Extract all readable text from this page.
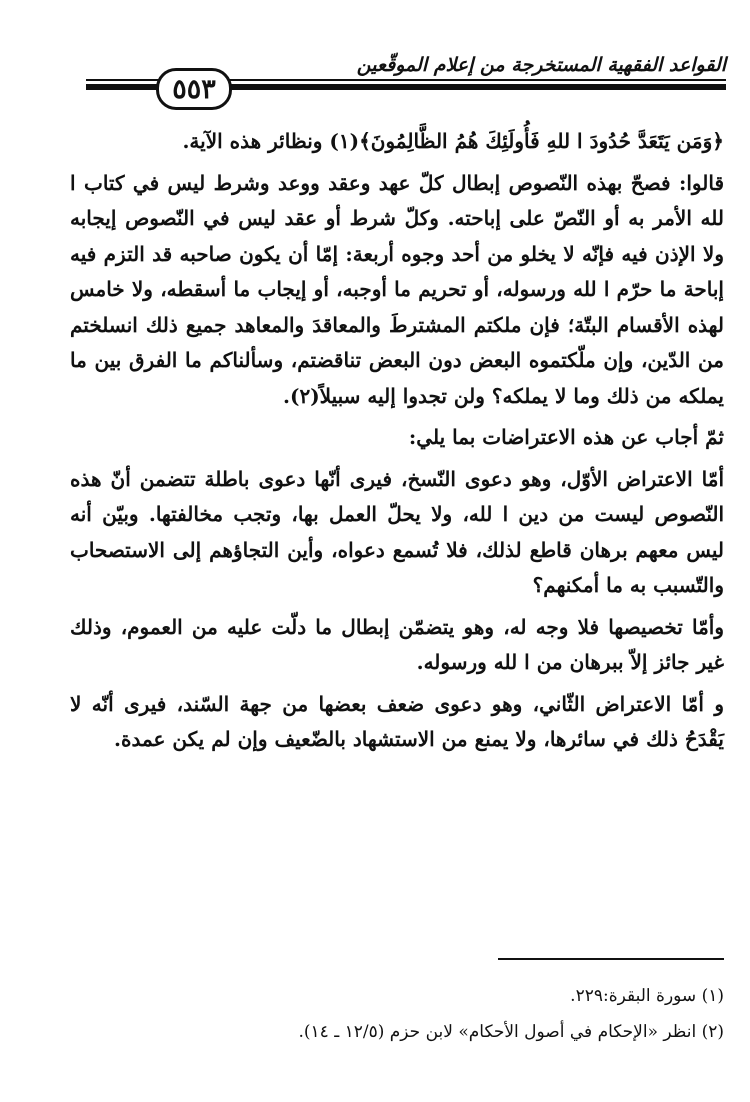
القواعد الفقهية المستخرجة من إعلام الموقّعين
٥٥٣

﴿وَمَن يَتَعَدَّ حُدُودَ ا للهِ فَأُولَئِكَ هُمُ الظَّالِمُونَ﴾(١) ونظائر هذه الآية.

قالوا: فصحّ بهذه النّصوص إبطال كلّ عهد وعقد ووعد وشرط ليس في كتاب ا لله الأمر به أو النّصّ على إباحته. وكلّ شرط أو عقد ليس في النّصوص إيجابه ولا الإذن فيه فإنّه لا يخلو من أحد وجوه أربعة: إمّا أن يكون صاحبه قد التزم فيه إباحة ما حرّم ا لله ورسوله، أو تحريم ما أوجبه، أو إيجاب ما أسقطه، ولا خامس لهذه الأقسام البتّة؛ فإن ملكتم المشترطَ والمعاقدَ والمعاهد جميع ذلك انسلختم من الدّين، وإن ملّكتموه البعض دون البعض تناقضتم، وسألناكم ما الفرق بين ما يملكه من ذلك وما لا يملكه؟ ولن تجدوا إليه سبيلاً(٢).

ثمّ أجاب عن هذه الاعتراضات بما يلي:

أمّا الاعتراض الأوّل، وهو دعوى النّسخ، فيرى أنّها دعوى باطلة تتضمن أنّ هذه النّصوص ليست من دين ا لله، ولا يحلّ العمل بها، وتجب مخالفتها. وبيّن أنه ليس معهم برهان قاطع لذلك، فلا تُسمع دعواه، وأين التجاؤهم إلى الاستصحاب والتّسبب به ما أمكنهم؟

وأمّا تخصيصها فلا وجه له، وهو يتضمّن إبطال ما دلّت عليه من العموم، وذلك غير جائز إلاّ ببرهان من ا لله ورسوله.

و أمّا الاعتراض الثّاني، وهو دعوى ضعف بعضها من جهة السّند، فيرى أنّه لا يَقْدَحُ ذلك في سائرها، ولا يمنع من الاستشهاد بالضّعيف وإن لم يكن عمدة.

(١) سورة البقرة:٢٢٩.

(٢) انظر «الإحكام في أصول الأحكام» لابن حزم (١٢/٥ ـ ١٤).
